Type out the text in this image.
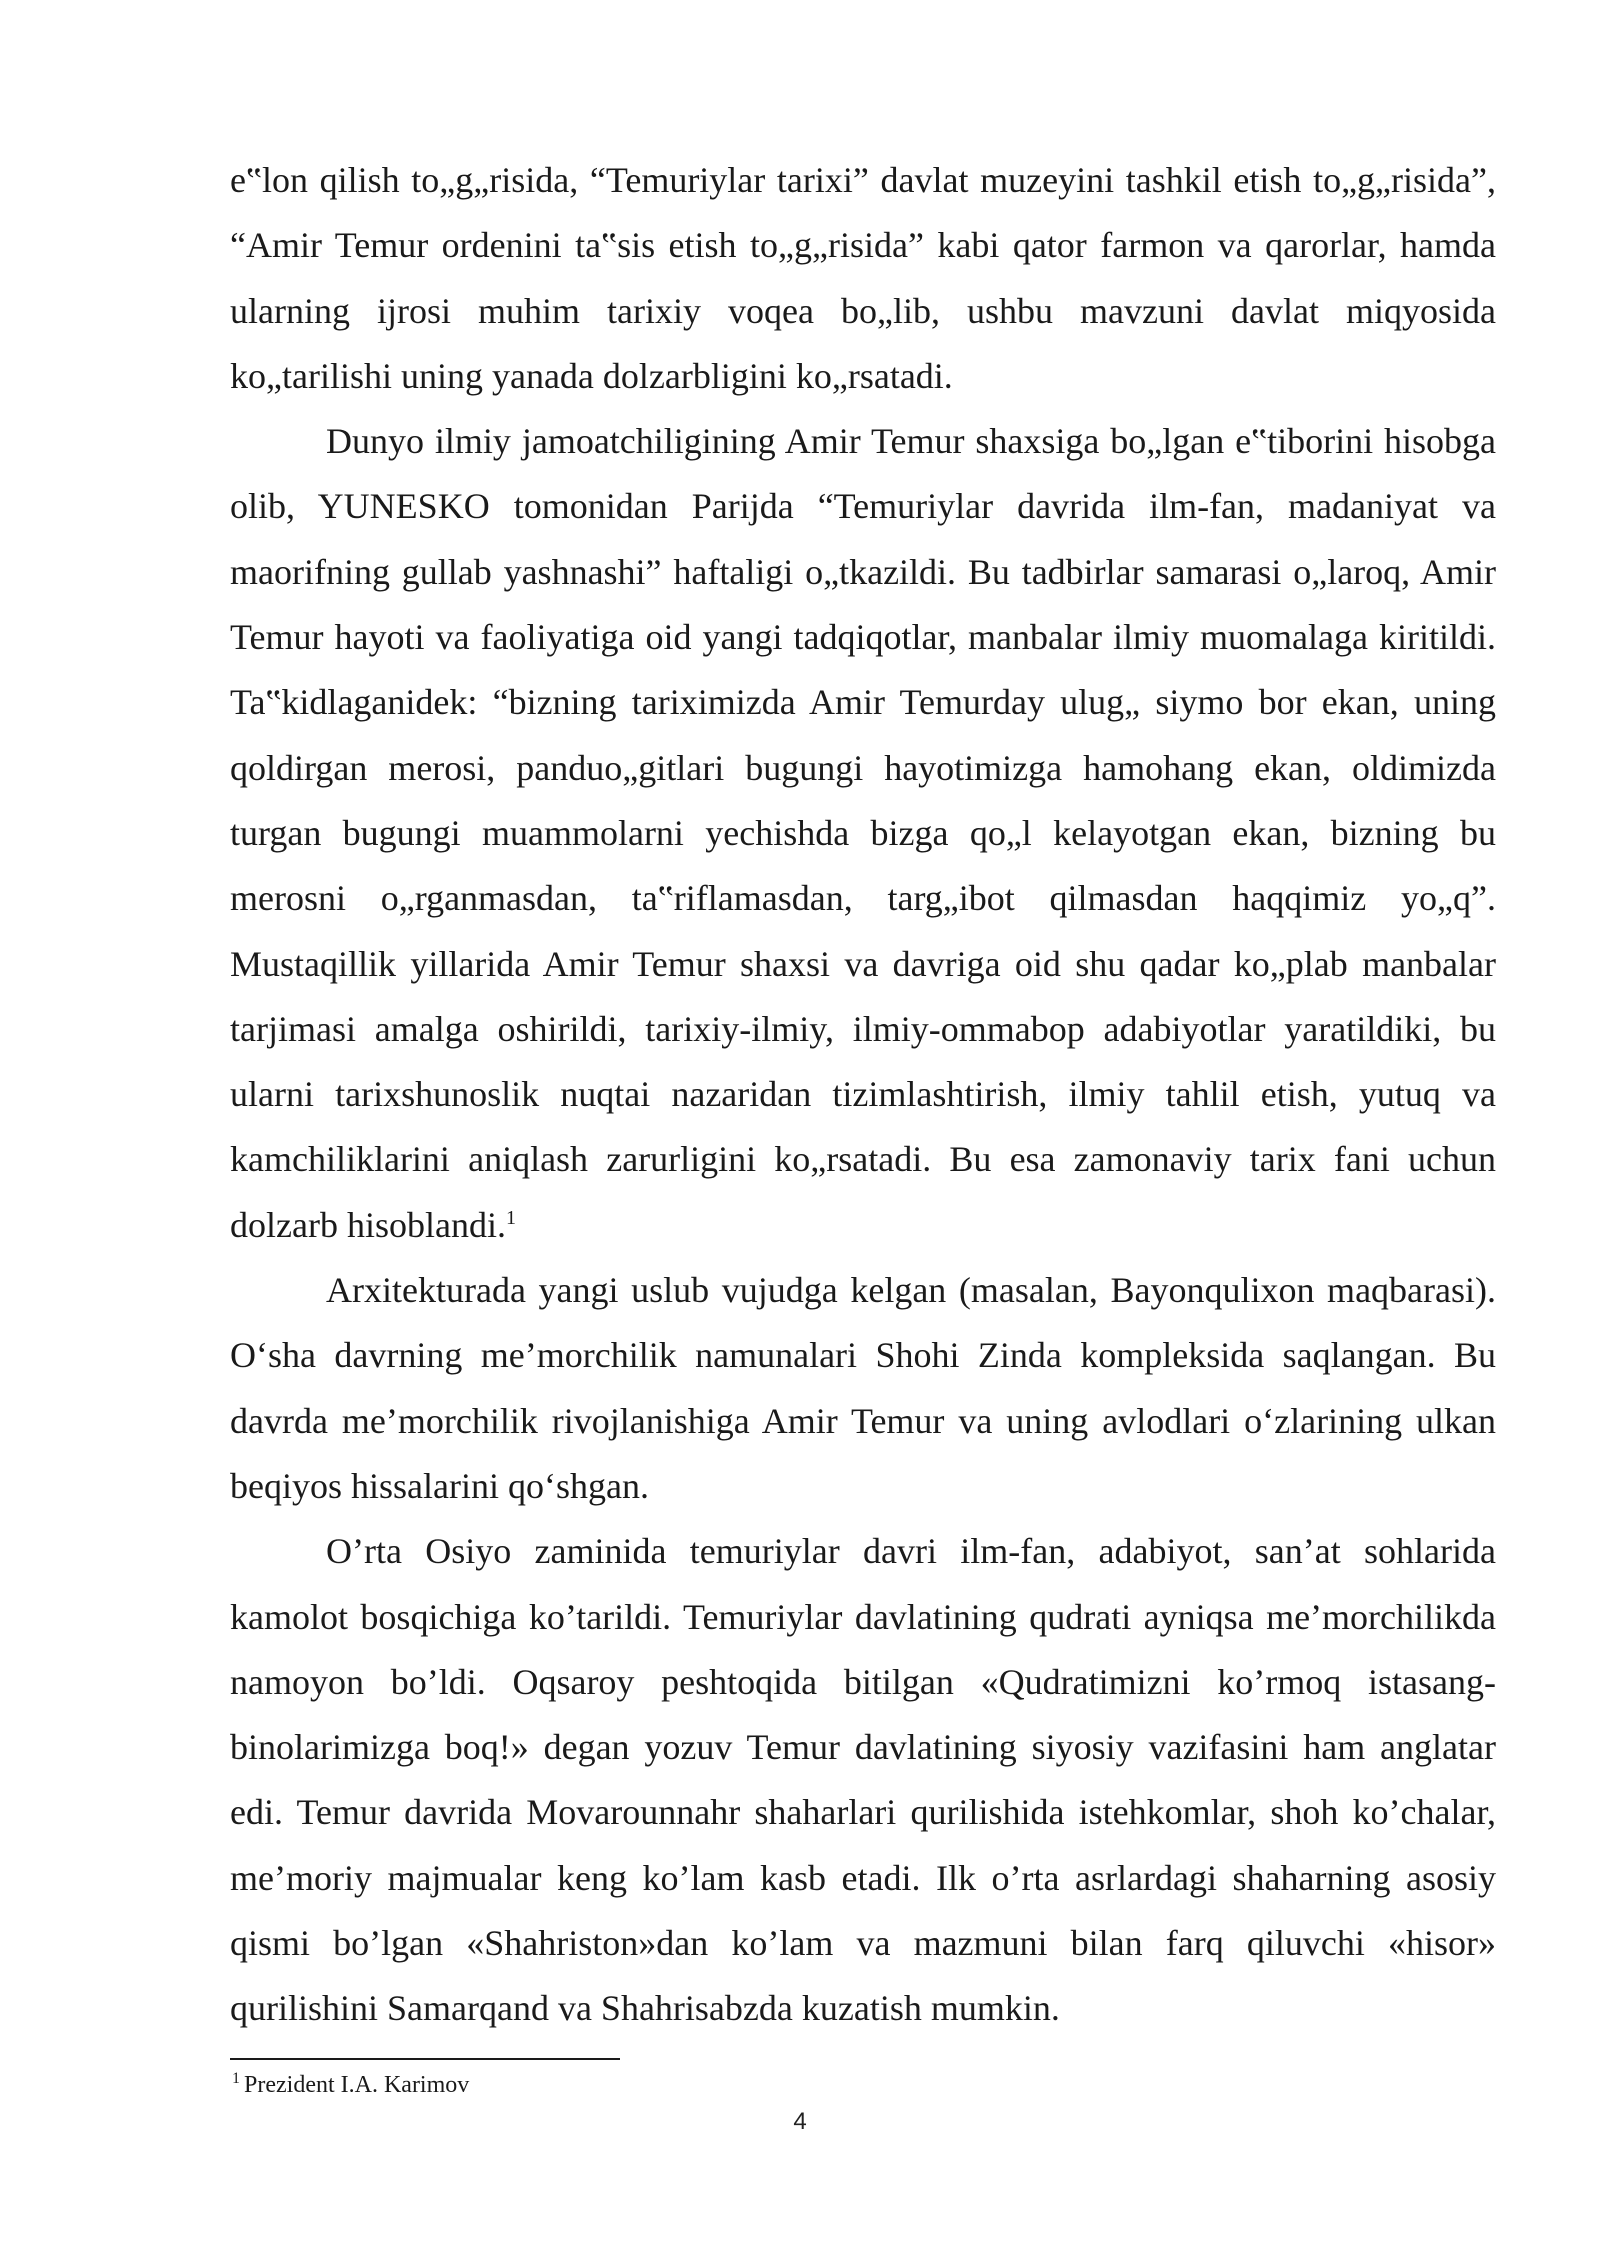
e‟lon qilish to„g„risida, “Temuriylar tarixi” davlat muzeyini tashkil etish to„g„risida”, “Amir Temur ordenini ta‟sis etish to„g„risida” kabi qator farmon va qarorlar, hamda ularning ijrosi muhim tarixiy voqea bo„lib, ushbu mavzuni davlat miqyosida ko„tarilishi uning yanada dolzarbligini ko„rsatadi.

Dunyo ilmiy jamoatchiligining Amir Temur shaxsiga bo„lgan e‟tiborini hisobga olib, YUNESKO tomonidan Parijda “Temuriylar davrida ilm-fan, madaniyat va maorifning gullab yashnashi” haftaligi o„tkazildi. Bu tadbirlar samarasi o„laroq, Amir Temur hayoti va faoliyatiga oid yangi tadqiqotlar, manbalar ilmiy muomalaga kiritildi. Ta‟kidlaganidek: “bizning tariximizda Amir Temurday ulug„ siymo bor ekan, uning qoldirgan merosi, panduo„gitlari bugungi hayotimizga hamohang ekan, oldimizda turgan bugungi muammolarni yechishda bizga qo„l kelayotgan ekan, bizning bu merosni o„rganmasdan, ta‟riflamasdan, targ„ibot qilmasdan haqqimiz yo„q”. Mustaqillik yillarida Amir Temur shaxsi va davriga oid shu qadar ko„plab manbalar tarjimasi amalga oshirildi, tarixiy-ilmiy, ilmiy-ommabop adabiyotlar yaratildiki, bu ularni tarixshunoslik nuqtai nazaridan tizimlashtirish, ilmiy tahlil etish, yutuq va kamchiliklarini aniqlash zarurligini ko„rsatadi. Bu esa zamonaviy tarix fani uchun dolzarb hisoblandi.$^1$

Arxitekturada yangi uslub vujudga kelgan (masalan, Bayonqulixon maqbarasi). O‘sha davrning me’morchilik namunalari Shohi Zinda kompleksida saqlangan. Bu davrda me’morchilik rivojlanishiga Amir Temur va uning avlodlari o‘zlarining ulkan beqiyos hissalarini qo‘shgan.

O’rta Osiyo zaminida temuriylar davri ilm-fan, adabiyot, san’at sohlarida kamolot bosqichiga ko’tarildi. Temuriylar davlatining qudrati ayniqsa me’morchilikda namoyon bo’ldi. Oqsaroy peshtoqida bitilgan «Qudratimizni ko’rmoq istasang- binolarimizga boq!» degan yozuv Temur davlatining siyosiy vazifasini ham anglatar edi. Temur davrida Movarounnahr shaharlari qurilishida istehkomlar, shoh ko’chalar, me’moriy majmualar keng ko’lam kasb etadi. Ilk o’rta asrlardagi shaharning asosiy qismi bo’lgan «Shahriston»dan ko’lam va mazmuni bilan farq qiluvchi «hisor» qurilishini Samarqand va Shahrisabzda kuzatish mumkin.

$^1$ Prezident I.A. Karimov
4
